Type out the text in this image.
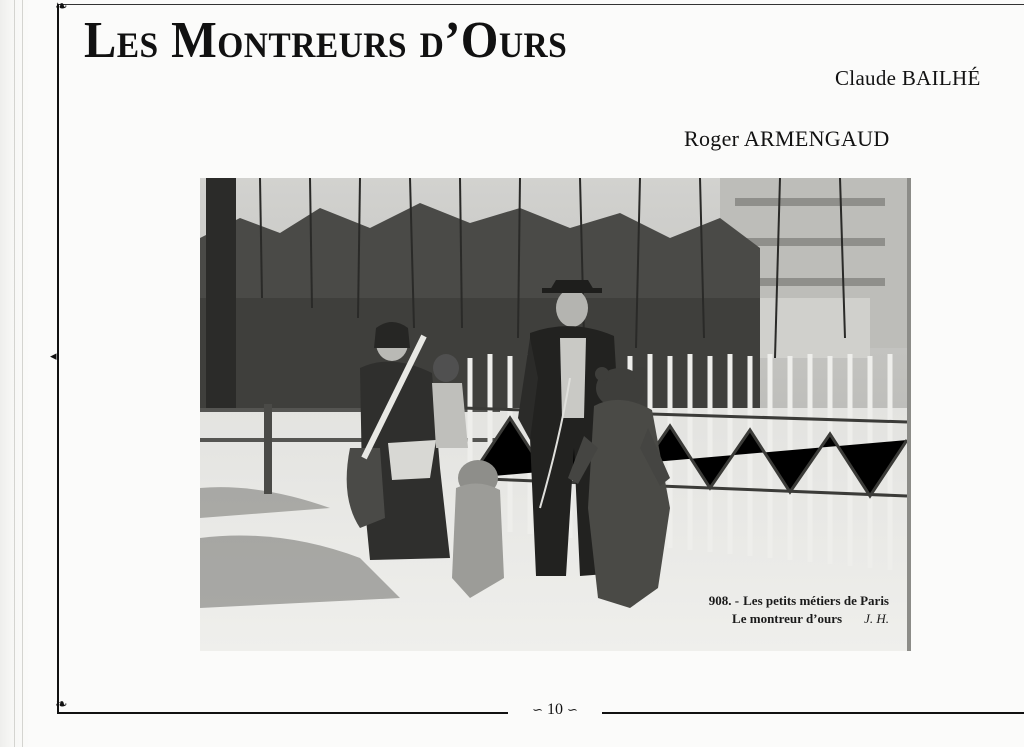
❧
❧
◂
Les Montreurs d’Ours
Claude BAILHÉ
Roger ARMENGAUD
908. - Les petits métiers de Paris
Le montreur d’ours J. H.
∽ 10 ∽
